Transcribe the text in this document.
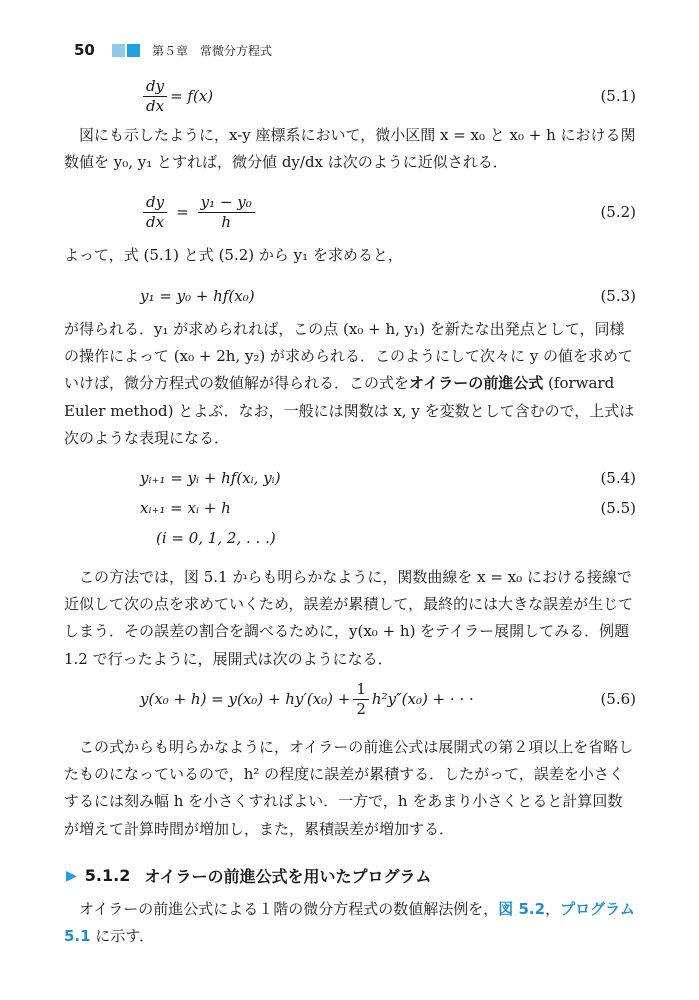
50	第５章 常微分方程式
$\frac{dy}{dx} = f(x)$	(5.1)
図にも示したように，x-y 座標系において，微小区間 x = x₀ と x₀ + h における関数値を y₀, y₁ とすれば，微分値 dy/dx は次のように近似される．
$\frac{dy}{dx} = \frac{\text{y₁ − y₀}}{h}$	(5.2)
よって，式 (5.1) と式 (5.2) から y₁ を求めると，
y₁ = y₀ + hf(x₀)	(5.3)
が得られる．y₁ が求められれば，この点 (x₀ + h, y₁) を新たな出発点として，同様の操作によって (x₀ + 2h, y₂) が求められる．このようにして次々に y の値を求めていけば，微分方程式の数値解が得られる．この式をオイラーの前進公式 (forward Euler method) とよぶ．なお，一般には関数は x, y を変数として含むので，上式は次のような表現になる．
yᵢ₊₁ = yᵢ + hf(xᵢ, yᵢ)	(5.4)
xᵢ₊₁ = xᵢ + h	(5.5)
(i = 0, 1, 2, . . .)
この方法では，図 5.1 からも明らかなように，関数曲線を x = x₀ における接線で近似して次の点を求めていくため，誤差が累積して，最終的には大きな誤差が生じてしまう．その誤差の割合を調べるために，y(x₀ + h) をテイラー展開してみる．例題 1.2 で行ったように，展開式は次のようになる．
$y(x_0 + h) = y(x_0) + hy'(x_0) + \frac{1}{2} h^2y''(x_0)$ + · · ·	(5.6)
この式からも明らかなように，オイラーの前進公式は展開式の第２項以上を省略したものになっているので，h² の程度に誤差が累積する．したがって，誤差を小さくするには刻み幅 h を小さくすればよい．一方で，h をあまり小さくとると計算回数が増えて計算時間が増加し，また，累積誤差が増加する．
▶ 5.1.2 オイラーの前進公式を用いたプログラム
オイラーの前進公式による１階の微分方程式の数値解法例を，図 5.2，プログラム 5.1 に示す．
